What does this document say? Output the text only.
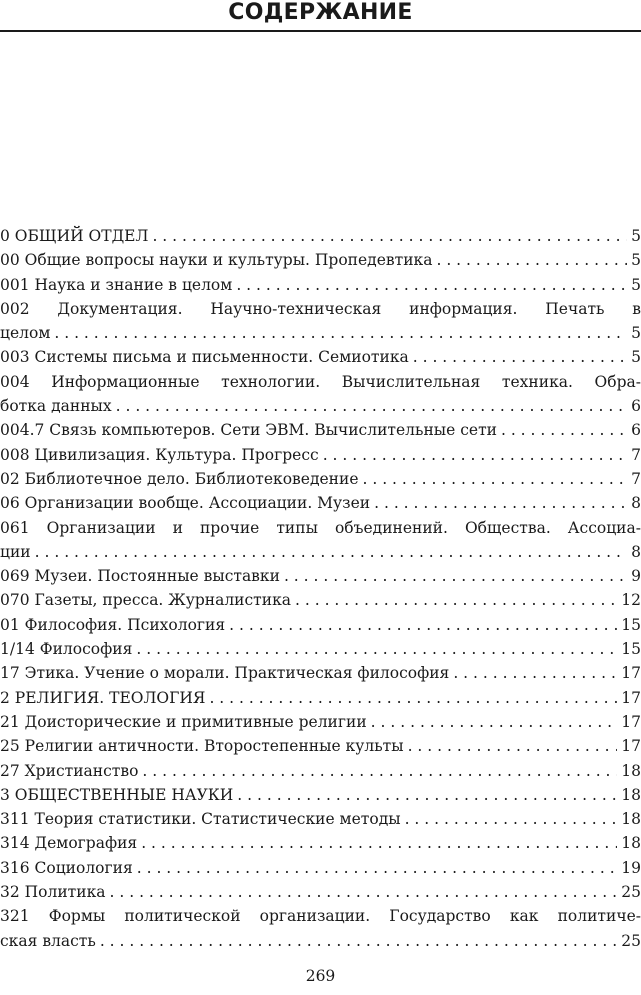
СОДЕРЖАНИЕ
0 ОБЩИЙ ОТДЕЛ . . .	5
00 Общие вопросы науки и культуры. Пропедевтика . . .	5
001 Наука и знание в целом . . .	5
002 Документация. Научно-техническая информация. Печать в
целом . . .	5
003 Системы письма и письменности. Семиотика . . .	5
004 Информационные технологии. Вычислительная техника. Обра-
ботка данных . . .	6
004.7 Связь компьютеров. Сети ЭВМ. Вычислительные сети . . .	6
008 Цивилизация. Культура. Прогресс . . .	7
02 Библиотечное дело. Библиотековедение . . .	7
06 Организации вообще. Ассоциации. Музеи . . .	8
061 Организации и прочие типы объединений. Общества. Ассоциа-
ции . . .	8
069 Музеи. Постоянные выставки . . .	9
070 Газеты, пресса. Журналистика . . .	12
01 Философия. Психология . . .	15
1/14 Философия . . .	15
17 Этика. Учение о морали. Практическая философия . . .	17
2 РЕЛИГИЯ. ТЕОЛОГИЯ . . .	17
21 Доисторические и примитивные религии . . .	17
25 Религии античности. Второстепенные культы . . .	17
27 Христианство . . .	18
3 ОБЩЕСТВЕННЫЕ НАУКИ . . .	18
311 Теория статистики. Статистические методы . . .	18
314 Демография . . .	18
316 Социология . . .	19
32 Политика . . .	25
321 Формы политической организации. Государство как политиче-
ская власть . . .	25
269
